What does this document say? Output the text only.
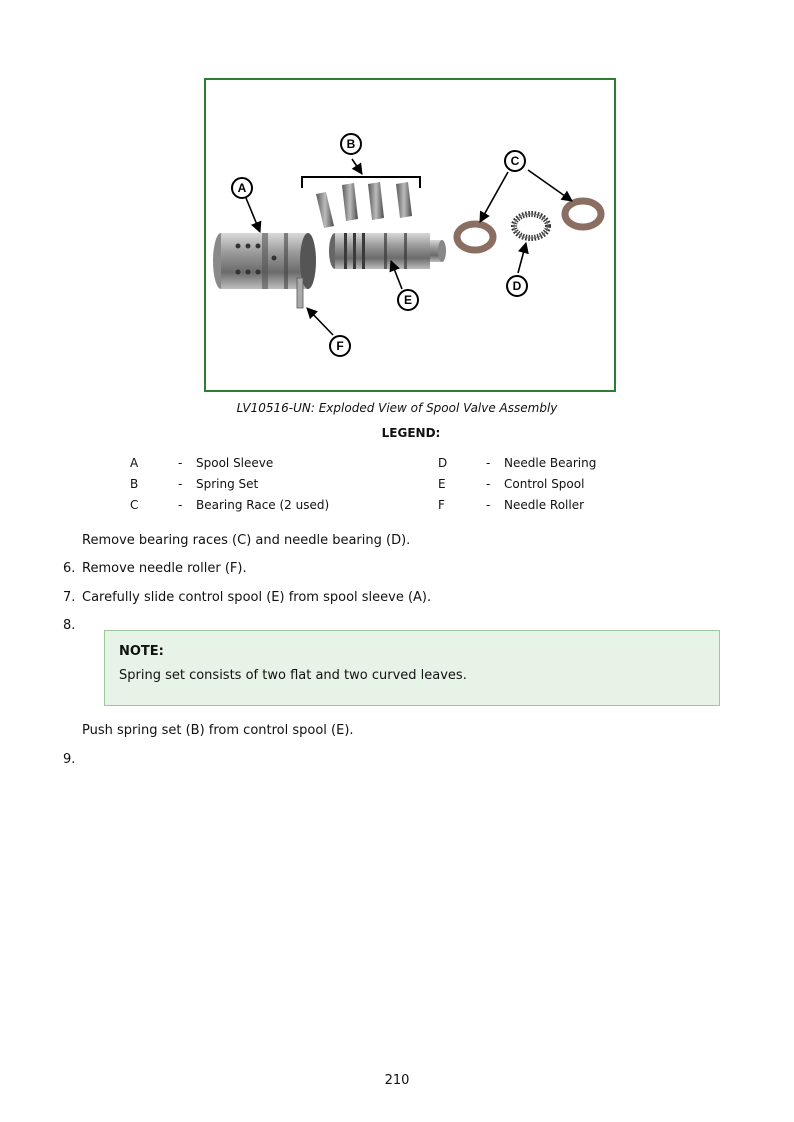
A
B
C
D
E
F
LV10516-UN: Exploded View of Spool Valve Assembly
LEGEND:
A	-	Spool Sleeve	D	-	Needle Bearing
B	-	Spring Set	E	-	Control Spool
C	-	Bearing Race (2 used)	F	-	Needle Roller
Remove bearing races (C) and needle bearing (D).
6. Remove needle roller (F).
7. Carefully slide control spool (E) from spool sleeve (A).
8.
NOTE:
Spring set consists of two flat and two curved leaves.
Push spring set (B) from control spool (E).
9.
210
